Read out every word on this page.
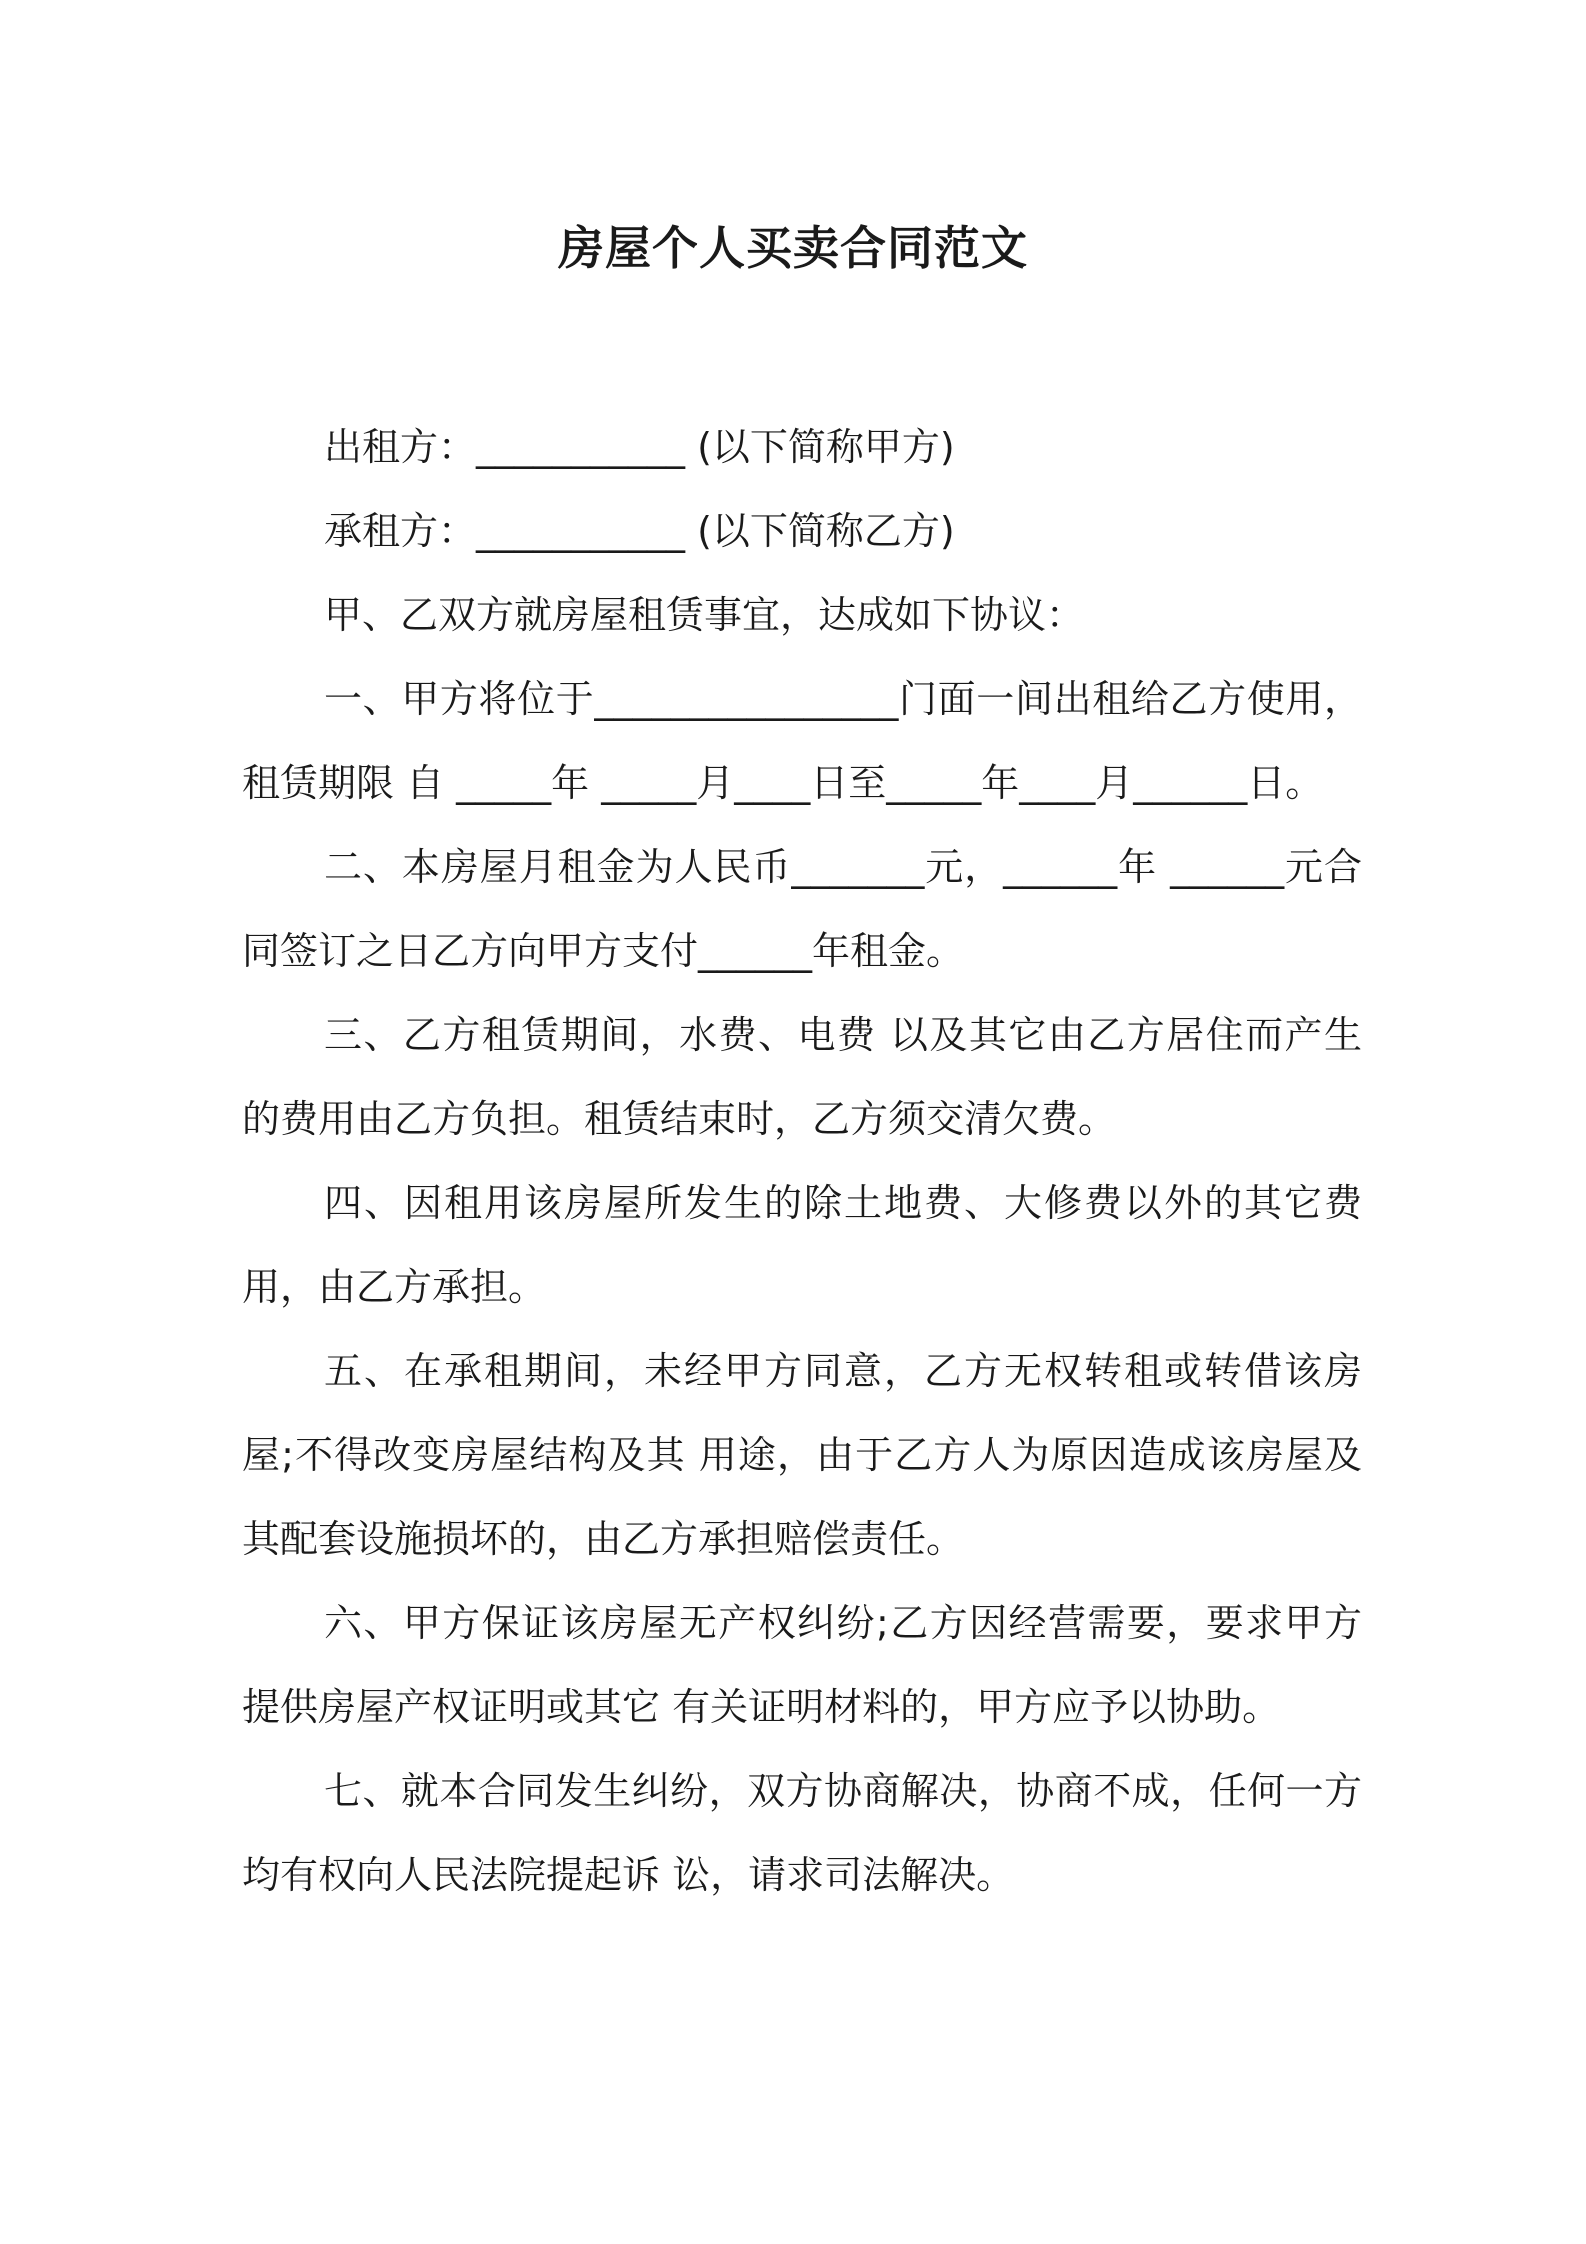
房屋个人买卖合同范文

出租方：___________ (以下简称甲方)

承租方：___________ (以下简称乙方)

甲、乙双方就房屋租赁事宜，达成如下协议：

一、甲方将位于________________门面一间出租给乙方使用，租赁期限 自 _____年 _____月____日至_____年____月______日。

二、本房屋月租金为人民币_______元，______年 ______元合同签订之日乙方向甲方支付______年租金。

三、乙方租赁期间，水费、电费 以及其它由乙方居住而产生的费用由乙方负担。租赁结束时，乙方须交清欠费。

四、因租用该房屋所发生的除土地费、大修费以外的其它费用，由乙方承担。

五、在承租期间，未经甲方同意，乙方无权转租或转借该房屋;不得改变房屋结构及其 用途，由于乙方人为原因造成该房屋及其配套设施损坏的，由乙方承担赔偿责任。

六、甲方保证该房屋无产权纠纷;乙方因经营需要，要求甲方提供房屋产权证明或其它 有关证明材料的，甲方应予以协助。

七、就本合同发生纠纷，双方协商解决，协商不成，任何一方均有权向人民法院提起诉 讼，请求司法解决。
